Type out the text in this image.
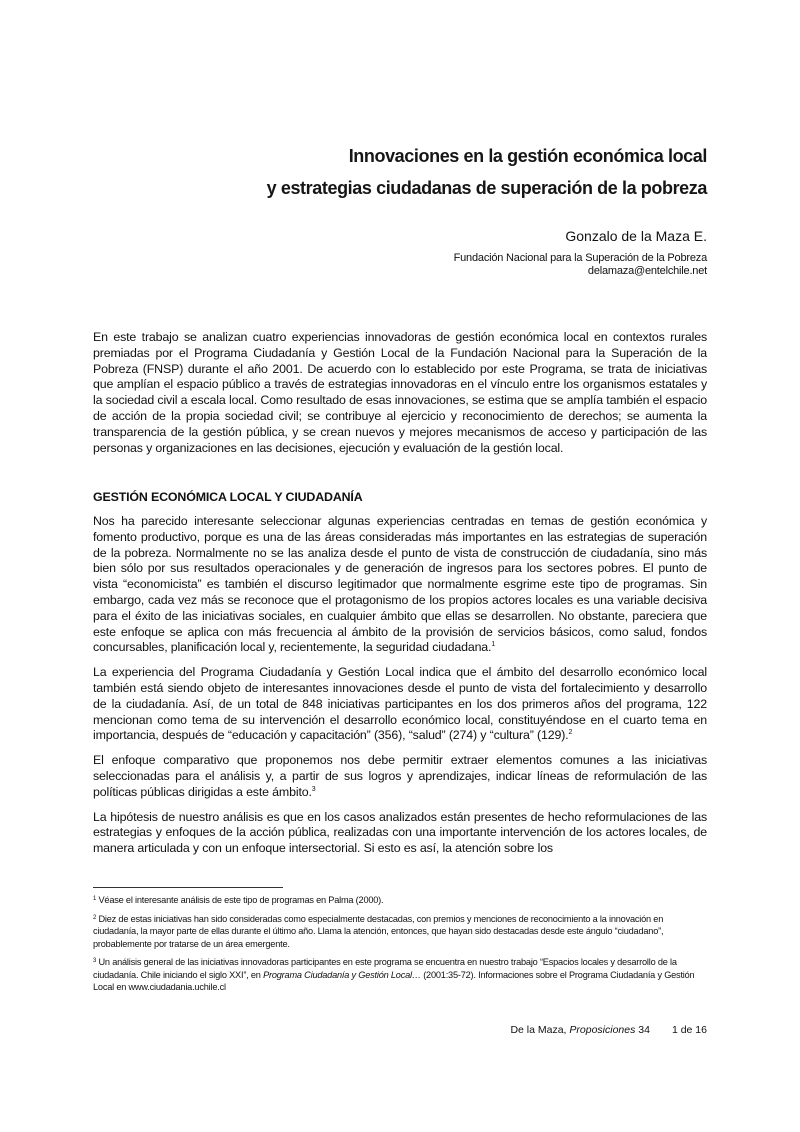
Innovaciones en la gestión económica local
y estrategias ciudadanas de superación de la pobreza
Gonzalo de la Maza E.
Fundación Nacional para la Superación de la Pobreza
delamaza@entelchile.net

En este trabajo se analizan cuatro experiencias innovadoras de gestión económica local en contextos rurales premiadas por el Programa Ciudadanía y Gestión Local de la Fundación Nacional para la Superación de la Pobreza (FNSP) durante el año 2001. De acuerdo con lo establecido por este Programa, se trata de iniciativas que amplían el espacio público a través de estrategias innovadoras en el vínculo entre los organismos estatales y la sociedad civil a escala local. Como resultado de esas innovaciones, se estima que se amplía también el espacio de acción de la propia sociedad civil; se contribuye al ejercicio y reconocimiento de derechos; se aumenta la transparencia de la gestión pública, y se crean nuevos y mejores mecanismos de acceso y participación de las personas y organizaciones en las decisiones, ejecución y evaluación de la gestión local.

GESTIÓN ECONÓMICA LOCAL Y CIUDADANÍA

Nos ha parecido interesante seleccionar algunas experiencias centradas en temas de gestión económica y fomento productivo, porque es una de las áreas consideradas más importantes en las estrategias de superación de la pobreza. Normalmente no se las analiza desde el punto de vista de construcción de ciudadanía, sino más bien sólo por sus resultados operacionales y de generación de ingresos para los sectores pobres. El punto de vista “economicista” es también el discurso legitimador que normalmente esgrime este tipo de programas. Sin embargo, cada vez más se reconoce que el protagonismo de los propios actores locales es una variable decisiva para el éxito de las iniciativas sociales, en cualquier ámbito que ellas se desarrollen. No obstante, pareciera que este enfoque se aplica con más frecuencia al ámbito de la provisión de servicios básicos, como salud, fondos concursables, planificación local y, recientemente, la seguridad ciudadana.$^1$

La experiencia del Programa Ciudadanía y Gestión Local indica que el ámbito del desarrollo económico local también está siendo objeto de interesantes innovaciones desde el punto de vista del fortalecimiento y desarrollo de la ciudadanía. Así, de un total de 848 iniciativas participantes en los dos primeros años del programa, 122 mencionan como tema de su intervención el desarrollo económico local, constituyéndose en el cuarto tema en importancia, después de “educación y capacitación” (356), “salud” (274) y “cultura” (129).$^2$

El enfoque comparativo que proponemos nos debe permitir extraer elementos comunes a las iniciativas seleccionadas para el análisis y, a partir de sus logros y aprendizajes, indicar líneas de reformulación de las políticas públicas dirigidas a este ámbito.$^3$

La hipótesis de nuestro análisis es que en los casos analizados están presentes de hecho reformulaciones de las estrategias y enfoques de la acción pública, realizadas con una importante intervención de los actores locales, de manera articulada y con un enfoque intersectorial. Si esto es así, la atención sobre los

$^1$ Véase el interesante análisis de este tipo de programas en Palma (2000).

$^2$ Diez de estas iniciativas han sido consideradas como especialmente destacadas, con premios y menciones de reconocimiento a la innovación en ciudadanía, la mayor parte de ellas durante el último año. Llama la atención, entonces, que hayan sido destacadas desde este ángulo “ciudadano”, probablemente por tratarse de un área emergente.

$^3$ Un análisis general de las iniciativas innovadoras participantes en este programa se encuentra en nuestro trabajo “Espacios locales y desarrollo de la ciudadanía. Chile iniciando el siglo XXI”, en Programa Ciudadanía y Gestión Local… (2001:35-72). Informaciones sobre el Programa Ciudadanía y Gestión Local en www.ciudadania.uchile.cl

De la Maza, Proposiciones 34 1 de 16
